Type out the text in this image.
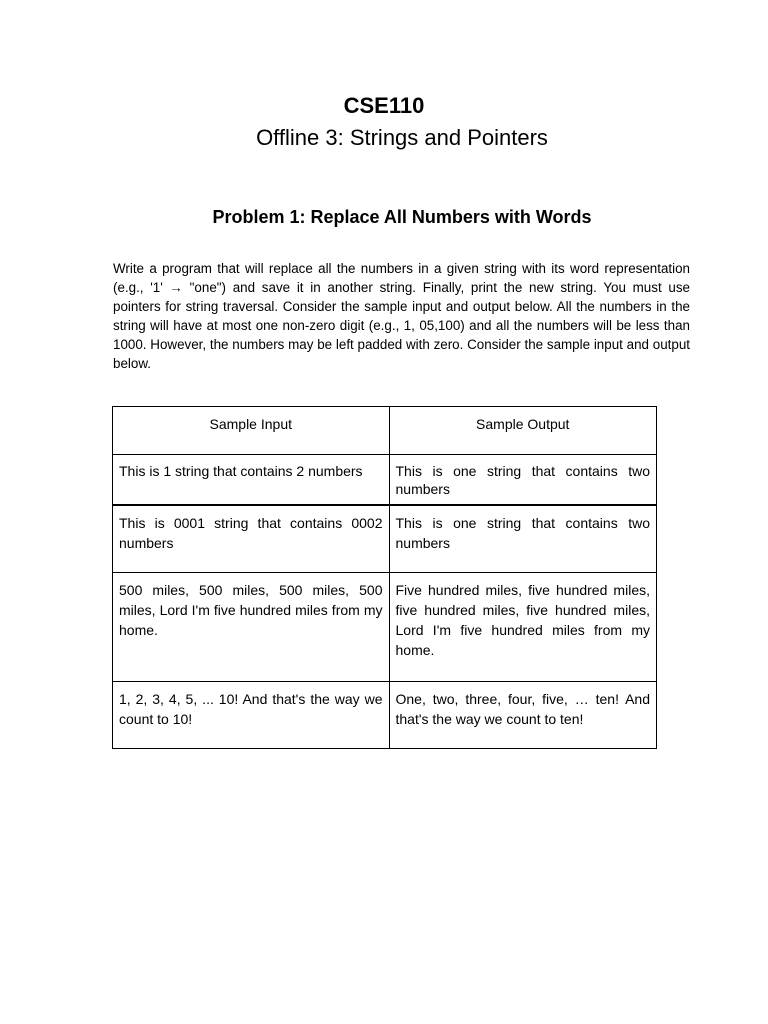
CSE110
Offline 3: Strings and Pointers
Problem 1: Replace All Numbers with Words

Write a program that will replace all the numbers in a given string with its word representation (e.g., '1' → "one") and save it in another string. Finally, print the new string. You must use pointers for string traversal. Consider the sample input and output below. All the numbers in the string will have at most one non-zero digit (e.g., 1, 05,100) and all the numbers will be less than 1000. However, the numbers may be left padded with zero. Consider the sample input and output below.

Sample Input	Sample Output
This is 1 string that contains 2 numbers	This is one string that contains two numbers
This is 0001 string that contains 0002 numbers	This is one string that contains two numbers
500 miles, 500 miles, 500 miles, 500 miles, Lord I'm five hundred miles from my home.	Five hundred miles, five hundred miles, five hundred miles, five hundred miles, Lord I'm five hundred miles from my home.
1, 2, 3, 4, 5, ... 10! And that's the way we count to 10!	One, two, three, four, five, … ten! And that's the way we count to ten!
